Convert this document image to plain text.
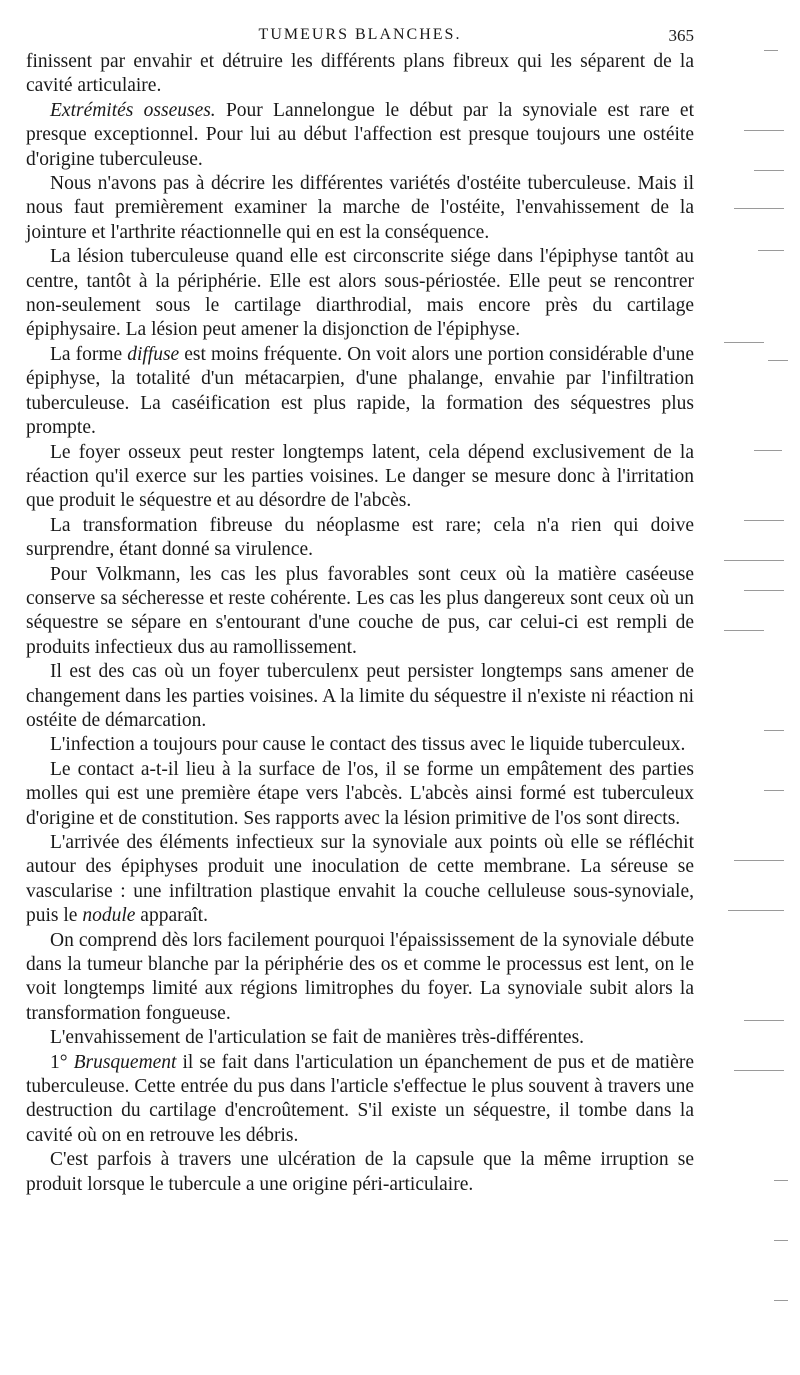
TUMEURS BLANCHES.	365

finissent par envahir et détruire les différents plans fibreux qui les séparent de la cavité articulaire.

Extrémités osseuses. Pour Lannelongue le début par la synoviale est rare et presque exceptionnel. Pour lui au début l'affection est presque toujours une ostéite d'origine tuberculeuse.

Nous n'avons pas à décrire les différentes variétés d'ostéite tuberculeuse. Mais il nous faut premièrement examiner la marche de l'ostéite, l'envahissement de la jointure et l'arthrite réactionnelle qui en est la conséquence.

La lésion tuberculeuse quand elle est circonscrite siége dans l'épiphyse tantôt au centre, tantôt à la périphérie. Elle est alors sous-périostée. Elle peut se rencontrer non-seulement sous le cartilage diarthrodial, mais encore près du cartilage épiphysaire. La lésion peut amener la disjonction de l'épiphyse.

La forme diffuse est moins fréquente. On voit alors une portion considérable d'une épiphyse, la totalité d'un métacarpien, d'une phalange, envahie par l'infiltration tuberculeuse. La caséification est plus rapide, la formation des séquestres plus prompte.

Le foyer osseux peut rester longtemps latent, cela dépend exclusivement de la réaction qu'il exerce sur les parties voisines. Le danger se mesure donc à l'irritation que produit le séquestre et au désordre de l'abcès.

La transformation fibreuse du néoplasme est rare; cela n'a rien qui doive surprendre, étant donné sa virulence.

Pour Volkmann, les cas les plus favorables sont ceux où la matière caséeuse conserve sa sécheresse et reste cohérente. Les cas les plus dangereux sont ceux où un séquestre se sépare en s'entourant d'une couche de pus, car celui-ci est rempli de produits infectieux dus au ramollissement.

Il est des cas où un foyer tuberculenx peut persister longtemps sans amener de changement dans les parties voisines. A la limite du séquestre il n'existe ni réaction ni ostéite de démarcation.

L'infection a toujours pour cause le contact des tissus avec le liquide tuberculeux.

Le contact a-t-il lieu à la surface de l'os, il se forme un empâtement des parties molles qui est une première étape vers l'abcès. L'abcès ainsi formé est tuberculeux d'origine et de constitution. Ses rapports avec la lésion primitive de l'os sont directs.

L'arrivée des éléments infectieux sur la synoviale aux points où elle se réfléchit autour des épiphyses produit une inoculation de cette membrane. La séreuse se vascularise : une infiltration plastique envahit la couche celluleuse sous-synoviale, puis le nodule apparaît.

On comprend dès lors facilement pourquoi l'épaississement de la synoviale débute dans la tumeur blanche par la périphérie des os et comme le processus est lent, on le voit longtemps limité aux régions limitrophes du foyer. La synoviale subit alors la transformation fongueuse.

L'envahissement de l'articulation se fait de manières très-différentes.

1° Brusquement il se fait dans l'articulation un épanchement de pus et de matière tuberculeuse. Cette entrée du pus dans l'article s'effectue le plus souvent à travers une destruction du cartilage d'encroûtement. S'il existe un séquestre, il tombe dans la cavité où on en retrouve les débris.

C'est parfois à travers une ulcération de la capsule que la même irruption se produit lorsque le tubercule a une origine péri-articulaire.
